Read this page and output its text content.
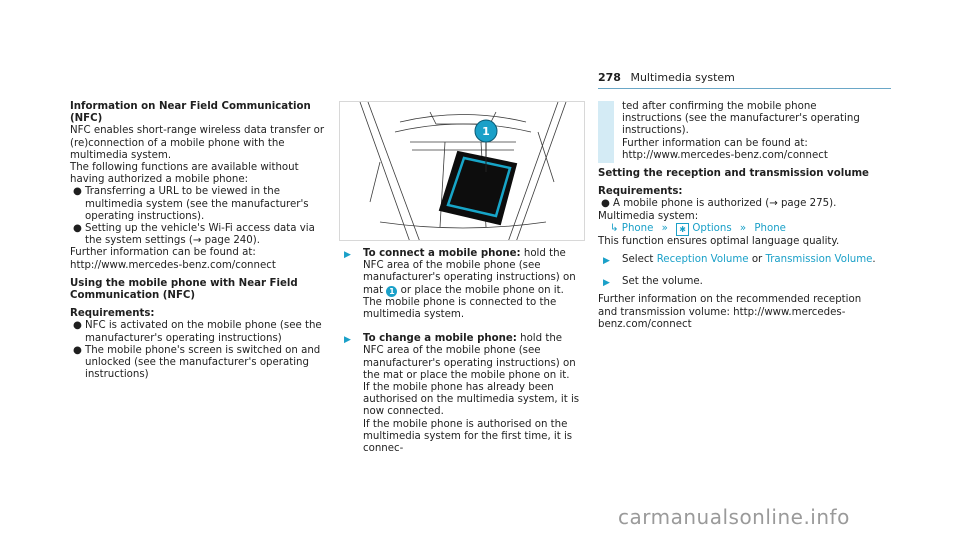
278 Multimedia system

Information on Near Field Communication (NFC)

NFC enables short-range wireless data transfer or (re)connection of a mobile phone with the multimedia system.

The following functions are available without having authorized a mobile phone:

● Transferring a URL to be viewed in the multimedia system (see the manufacturer's operating instructions).
● Setting up the vehicle's Wi-Fi access data via the system settings (→ page 240).

Further information can be found at: http://www.mercedes-benz.com/connect

Using the mobile phone with Near Field Communication (NFC)

Requirements:

● NFC is activated on the mobile phone (see the manufacturer's operating instructions)
● The mobile phone's screen is switched on and unlocked (see the manufacturer's operating instructions)
1
▶ To connect a mobile phone: hold the NFC area of the mobile phone (see manufacturer's operating instructions) on mat 1 or place the mobile phone on it.
The mobile phone is connected to the multimedia system.
▶ To change a mobile phone: hold the NFC area of the mobile phone (see manufacturer's operating instructions) on the mat or place the mobile phone on it.
If the mobile phone has already been authorised on the multimedia system, it is now connected.
If the mobile phone is authorised on the multimedia system for the first time, it is connec-

ted after confirming the mobile phone instructions (see the manufacturer's operating instructions).

Further information can be found at: http://www.mercedes-benz.com/connect

Setting the reception and transmission volume

Requirements:

● A mobile phone is authorized (→ page 275).

Multimedia system:

↳ Phone » ✱ Options » Phone

This function ensures optimal language quality.

▶ Select Reception Volume or Transmission Volume.
▶ Set the volume.

Further information on the recommended reception and transmission volume: http://www.mercedes-benz.com/connect

carmanualsonline.info
